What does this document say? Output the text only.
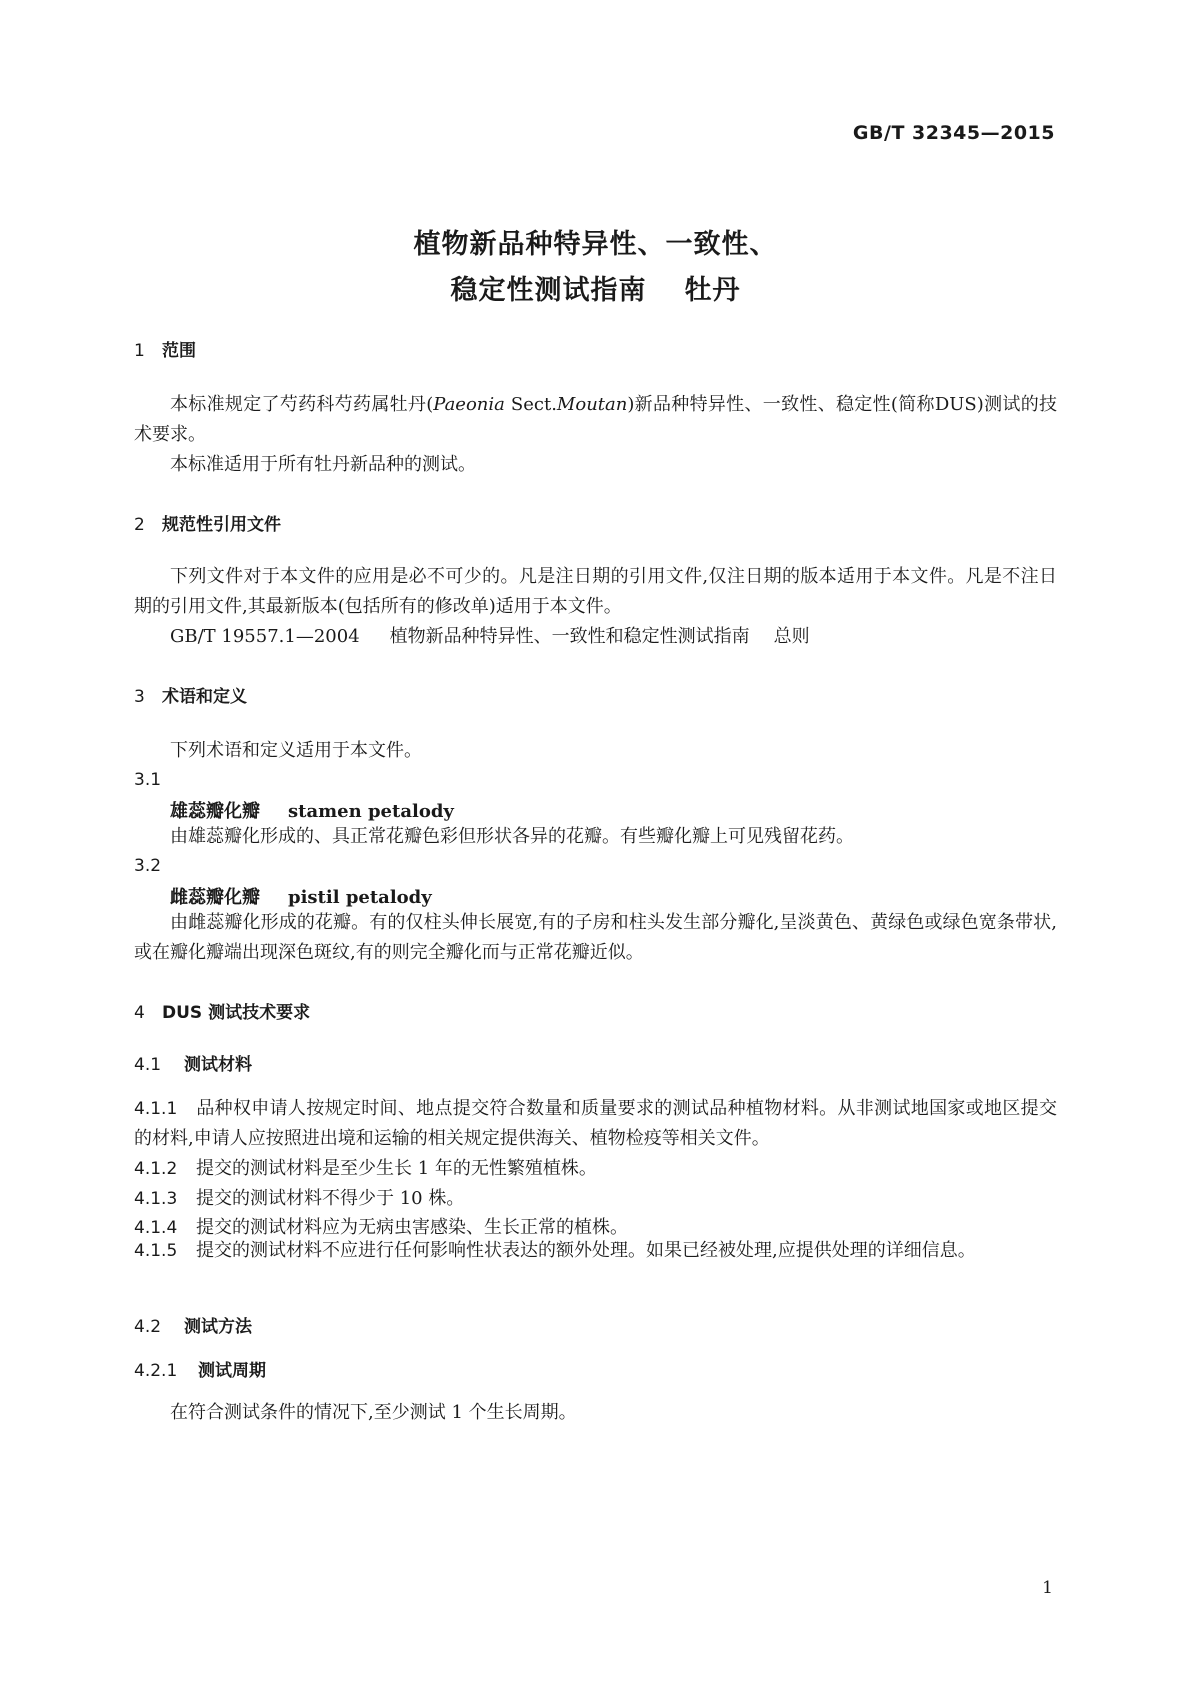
GB/T 32345—2015
植物新品种特异性、一致性、
稳定性测试指南 牡丹
1 范围

本标准规定了芍药科芍药属牡丹(Paeonia Sect.Moutan)新品种特异性、一致性、稳定性(简称DUS)测试的技术要求。

本标准适用于所有牡丹新品种的测试。

2 规范性引用文件

下列文件对于本文件的应用是必不可少的。凡是注日期的引用文件,仅注日期的版本适用于本文件。凡是不注日期的引用文件,其最新版本(包括所有的修改单)适用于本文件。

GB/T 19557.1—2004 植物新品种特异性、一致性和稳定性测试指南 总则
3 术语和定义

下列术语和定义适用于本文件。

3.1
雄蕊瓣化瓣 stamen petalody

由雄蕊瓣化形成的、具正常花瓣色彩但形状各异的花瓣。有些瓣化瓣上可见残留花药。

3.2
雌蕊瓣化瓣 pistil petalody

由雌蕊瓣化形成的花瓣。有的仅柱头伸长展宽,有的子房和柱头发生部分瓣化,呈淡黄色、黄绿色或绿色宽条带状,或在瓣化瓣端出现深色斑纹,有的则完全瓣化而与正常花瓣近似。

4 DUS 测试技术要求
4.1 测试材料

4.1.1 品种权申请人按规定时间、地点提交符合数量和质量要求的测试品种植物材料。从非测试地国家或地区提交的材料,申请人应按照进出境和运输的相关规定提供海关、植物检疫等相关文件。

4.1.2 提交的测试材料是至少生长 1 年的无性繁殖植株。
4.1.3 提交的测试材料不得少于 10 株。
4.1.4 提交的测试材料应为无病虫害感染、生长正常的植株。

4.1.5 提交的测试材料不应进行任何影响性状表达的额外处理。如果已经被处理,应提供处理的详细信息。

4.2 测试方法
4.2.1 测试周期

在符合测试条件的情况下,至少测试 1 个生长周期。

1
